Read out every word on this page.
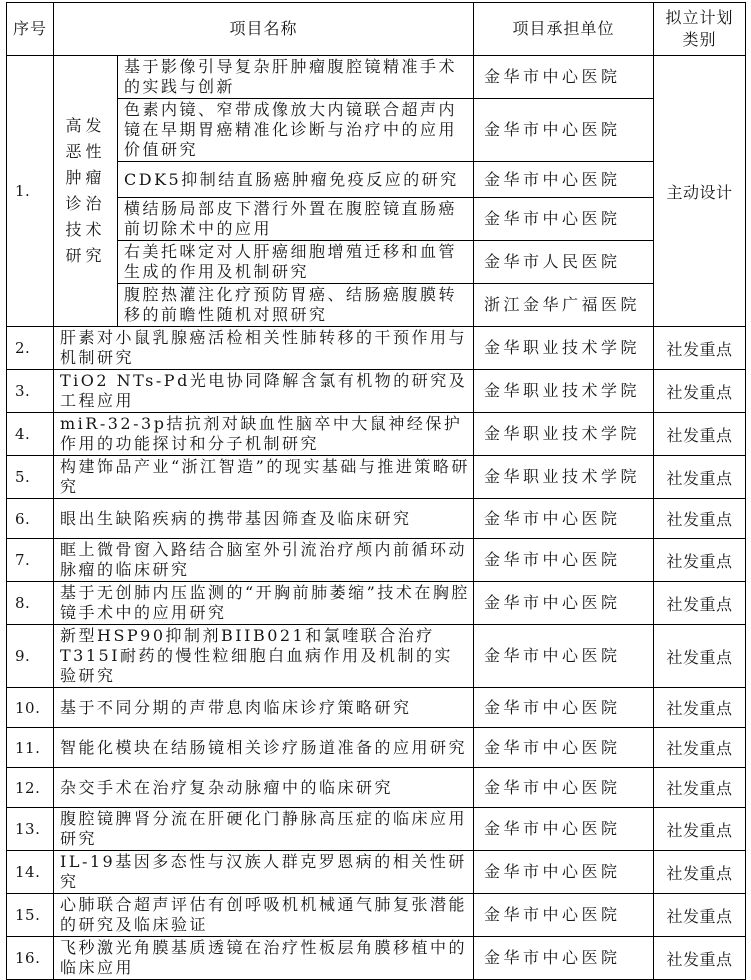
序号	项目名称		项目承担单位	拟立计划类别
1.	高发恶性肿瘤诊治技术研究	基于影像引导复杂肝肿瘤腹腔镜精准手术的实践与创新	金华市中心医院	主动设计
		色素内镜、窄带成像放大内镜联合超声内镜在早期胃癌精准化诊断与治疗中的应用价值研究	金华市中心医院	
		CDK5抑制结直肠癌肿瘤免疫反应的研究	金华市中心医院	
		横结肠局部皮下潜行外置在腹腔镜直肠癌前切除术中的应用	金华市中心医院	
		右美托咪定对人肝癌细胞增殖迁移和血管生成的作用及机制研究	金华市人民医院	
		腹腔热灌注化疗预防胃癌、结肠癌腹膜转移的前瞻性随机对照研究	浙江金华广福医院	
2.	肝素对小鼠乳腺癌活检相关性肺转移的干预作用与机制研究		金华职业技术学院	社发重点
3.	TiO2 NTs-Pd光电协同降解含氯有机物的研究及工程应用		金华职业技术学院	社发重点
4.	miR-32-3p拮抗剂对缺血性脑卒中大鼠神经保护作用的功能探讨和分子机制研究		金华职业技术学院	社发重点
5.	构建饰品产业“浙江智造”的现实基础与推进策略研究		金华职业技术学院	社发重点
6.	眼出生缺陷疾病的携带基因筛查及临床研究		金华市中心医院	社发重点
7.	眶上微骨窗入路结合脑室外引流治疗颅内前循环动脉瘤的临床研究		金华市中心医院	社发重点
8.	基于无创肺内压监测的“开胸前肺萎缩”技术在胸腔镜手术中的应用研究		金华市中心医院	社发重点
9.	新型HSP90抑制剂BIIB021和氯喹联合治疗T315I耐药的慢性粒细胞白血病作用及机制的实验研究		金华市中心医院	社发重点
10.	基于不同分期的声带息肉临床诊疗策略研究		金华市中心医院	社发重点
11.	智能化模块在结肠镜相关诊疗肠道准备的应用研究		金华市中心医院	社发重点
12.	杂交手术在治疗复杂动脉瘤中的临床研究		金华市中心医院	社发重点
13.	腹腔镜脾肾分流在肝硬化门静脉高压症的临床应用研究		金华市中心医院	社发重点
14.	IL-19基因多态性与汉族人群克罗恩病的相关性研究		金华市中心医院	社发重点
15.	心肺联合超声评估有创呼吸机机械通气肺复张潜能的研究及临床验证		金华市中心医院	社发重点
16.	飞秒激光角膜基质透镜在治疗性板层角膜移植中的临床应用		金华市中心医院	社发重点
